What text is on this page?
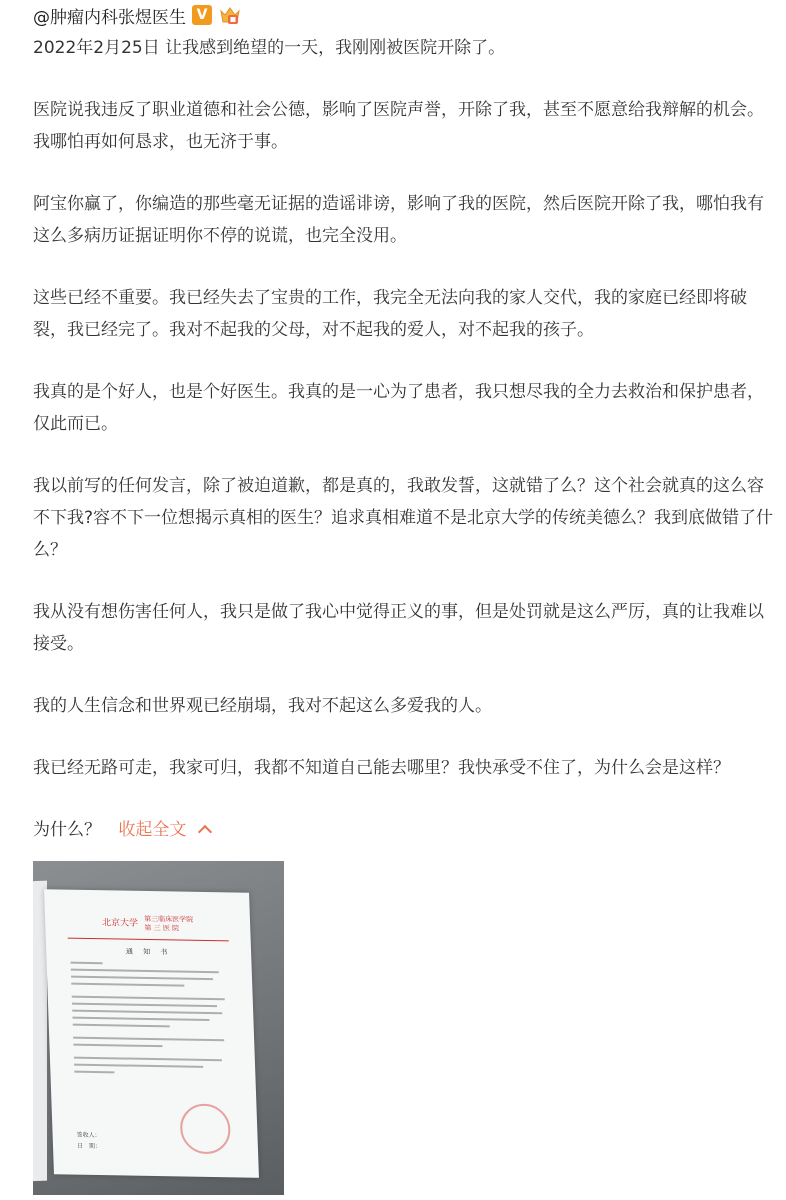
@肿瘤内科张煜医生 V
2022年2月25日 让我感到绝望的一天，我刚刚被医院开除了。

医院说我违反了职业道德和社会公德，影响了医院声誉，开除了我，甚至不愿意给我辩解的机会。我哪怕再如何恳求，也无济于事。

阿宝你赢了，你编造的那些毫无证据的造谣诽谤，影响了我的医院，然后医院开除了我，哪怕我有这么多病历证据证明你不停的说谎，也完全没用。

这些已经不重要。我已经失去了宝贵的工作，我完全无法向我的家人交代，我的家庭已经即将破裂，我已经完了。我对不起我的父母，对不起我的爱人，对不起我的孩子。

我真的是个好人，也是个好医生。我真的是一心为了患者，我只想尽我的全力去救治和保护患者，仅此而已。

我以前写的任何发言，除了被迫道歉，都是真的，我敢发誓，这就错了么？这个社会就真的这么容不下我?容不下一位想揭示真相的医生？追求真相难道不是北京大学的传统美德么？我到底做错了什么？

我从没有想伤害任何人，我只是做了我心中觉得正义的事，但是处罚就是这么严厉，真的让我难以接受。

我的人生信念和世界观已经崩塌，我对不起这么多爱我的人。

我已经无路可走，我家可归，我都不知道自己能去哪里？我快承受不住了，为什么会是这样？

为什么？ 收起全文
北京大学 第三临床医学院
第 三 医 院
通 知 书
签收人：
日　期：
